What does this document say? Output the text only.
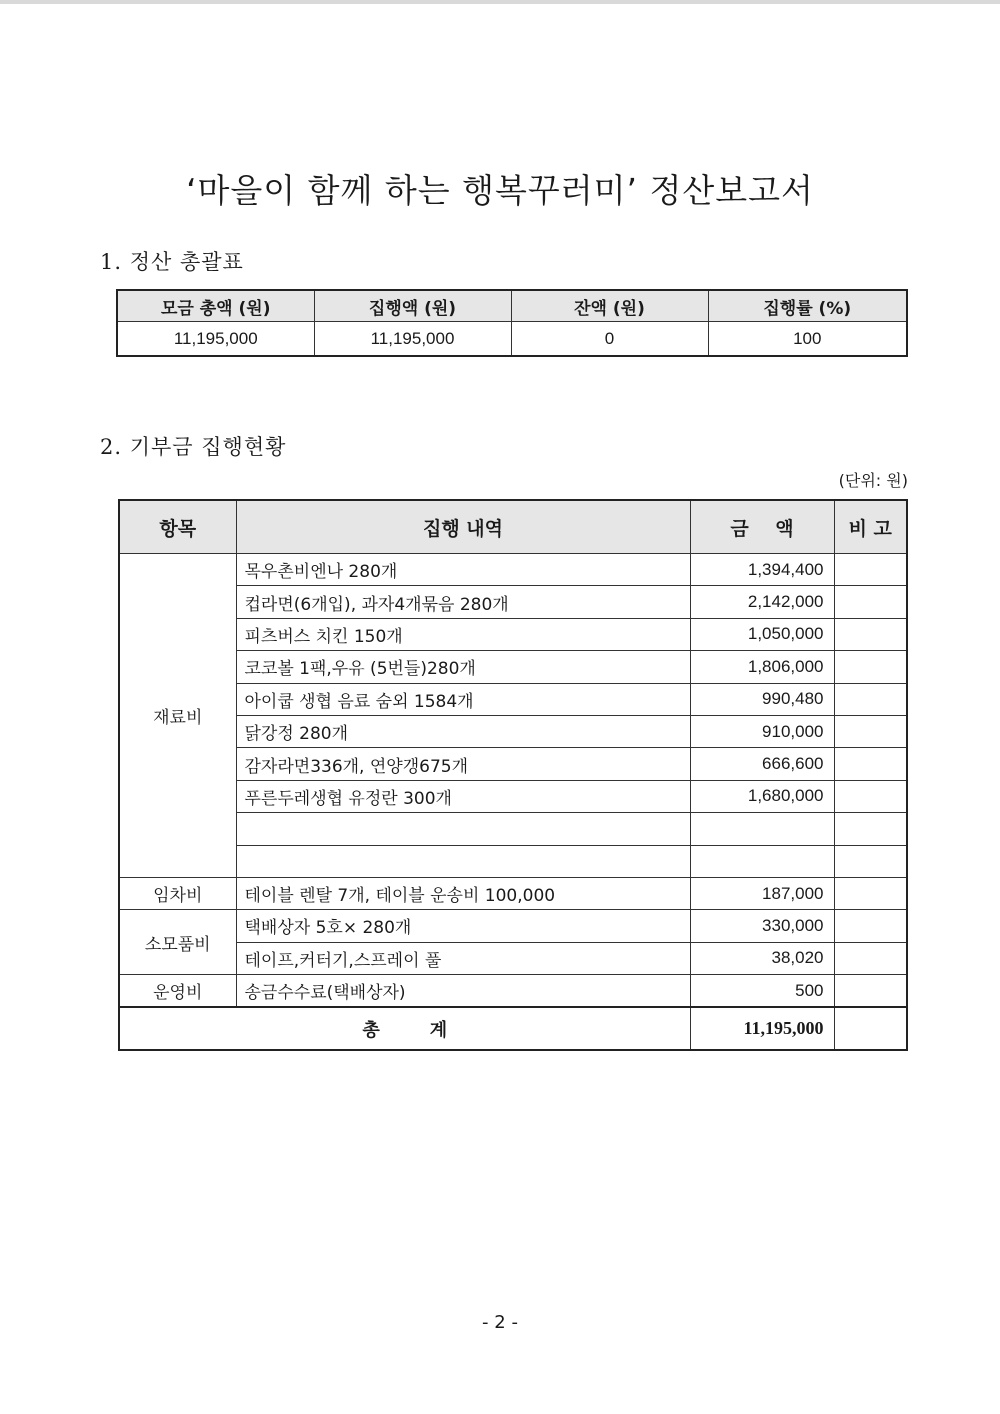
‘마을이 함께 하는 행복꾸러미’ 정산보고서
1. 정산 총괄표
모금 총액 (원)	집행액 (원)	잔액 (원)	집행률 (%)
11,195,000	11,195,000	0	100
2. 기부금 집행현황
(단위: 원)
항목	집행 내역	금    액	비 고
재료비	목우촌비엔나 280개	1,394,400	
	컵라면(6개입), 과자4개묶음 280개	2,142,000	
	피츠버스 치킨 150개	1,050,000	
	코코볼 1팩,우유 (5번들)280개	1,806,000	
	아이쿱 생협 음료 숨외 1584개	990,480	
	닭강정 280개	910,000	
	감자라면336개, 연양갱675개	666,600	
	푸른두레생협 유정란 300개	1,680,000	

임차비	테이블 렌탈 7개, 테이블 운송비 100,000	187,000	
소모품비	택배상자 5호× 280개	330,000	
	테이프,커터기,스프레이 풀	38,020	
운영비	송금수수료(택배상자)	500	
총계		11,195,000	
- 2 -
